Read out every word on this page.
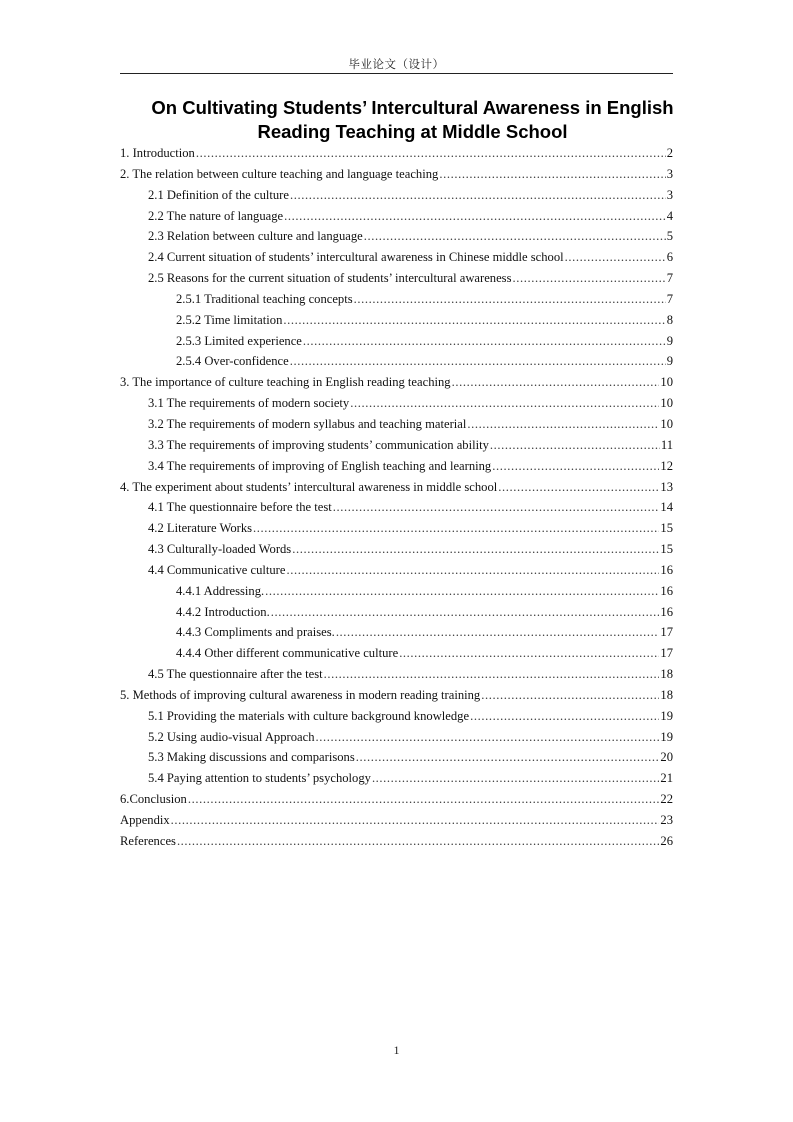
毕业论文（设计）
On Cultivating Students’ Intercultural Awareness in English
Reading Teaching at Middle School
1. Introduction .....	2
2. The relation between culture teaching and language teaching .....	3
2.1 Definition of the culture .....	3
2.2 The nature of language .....	4
2.3 Relation between culture and language .....	5
2.4 Current situation of students’ intercultural awareness in Chinese middle school .....	6
2.5 Reasons for the current situation of students’ intercultural awareness .....	7
2.5.1 Traditional teaching concepts .....	7
2.5.2 Time limitation .....	8
2.5.3 Limited experience .....	9
2.5.4 Over-confidence .....	9
3. The importance of culture teaching in English reading teaching .....	10
3.1 The requirements of modern society .....	10
3.2 The requirements of modern syllabus and teaching material .....	10
3.3 The requirements of improving students’ communication ability .....	11
3.4 The requirements of improving of English teaching and learning .....	12
4. The experiment about students’ intercultural awareness in middle school .....	13
4.1 The questionnaire before the test .....	14
4.2 Literature Works .....	15
4.3 Culturally-loaded Words .....	15
4.4 Communicative culture .....	16
4.4.1 Addressing. .....	16
4.4.2 Introduction. .....	16
4.4.3 Compliments and praises. .....	17
4.4.4 Other different communicative culture .....	17
4.5 The questionnaire after the test .....	18
5. Methods of improving cultural awareness in modern reading training .....	18
5.1 Providing the materials with culture background knowledge .....	19
5.2 Using audio-visual Approach .....	19
5.3 Making discussions and comparisons .....	20
5.4 Paying attention to students’ psychology .....	21
6.Conclusion .....	22
Appendix .....	23
References .....	26
1
